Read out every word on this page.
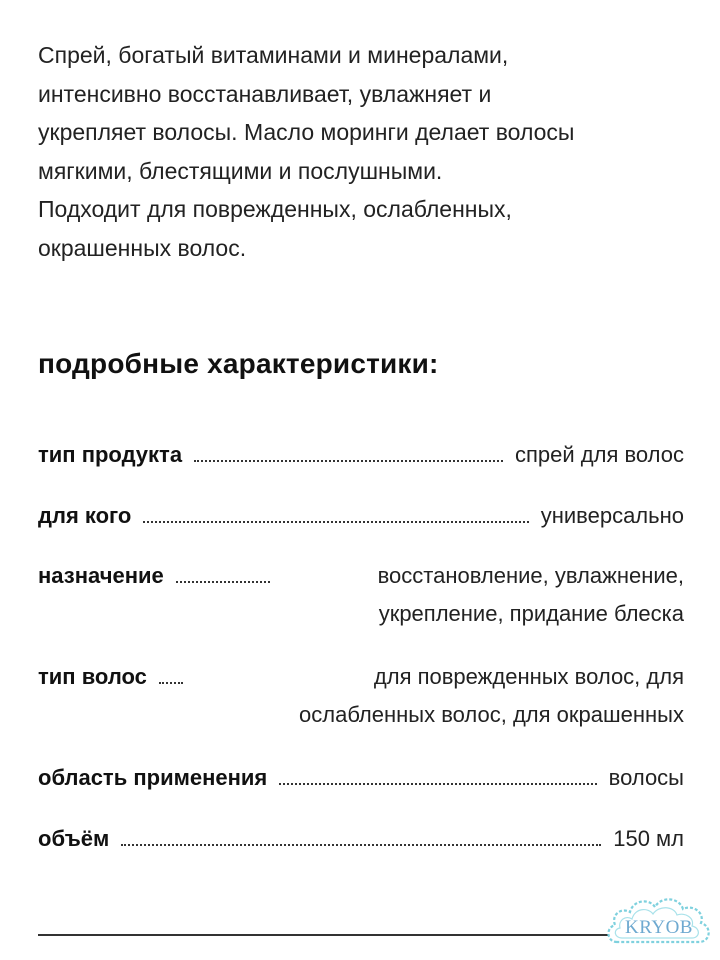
Спрей, богатый витаминами и минералами,

интенсивно восстанавливает, увлажняет и

укрепляет волосы. Масло моринги делает волосы

мягкими, блестящими и послушными.

Подходит для поврежденных, ослабленных,

окрашенных волос.

подробные характеристики:
тип продукта	спрей для волос
для кого	универсально
назначение	восстановление, увлажнение,
укрепление, придание блеска
тип волос	для поврежденных волос, для
ослабленных волос, для окрашенных
область применения	волосы
объём	150 мл
KRYOB
